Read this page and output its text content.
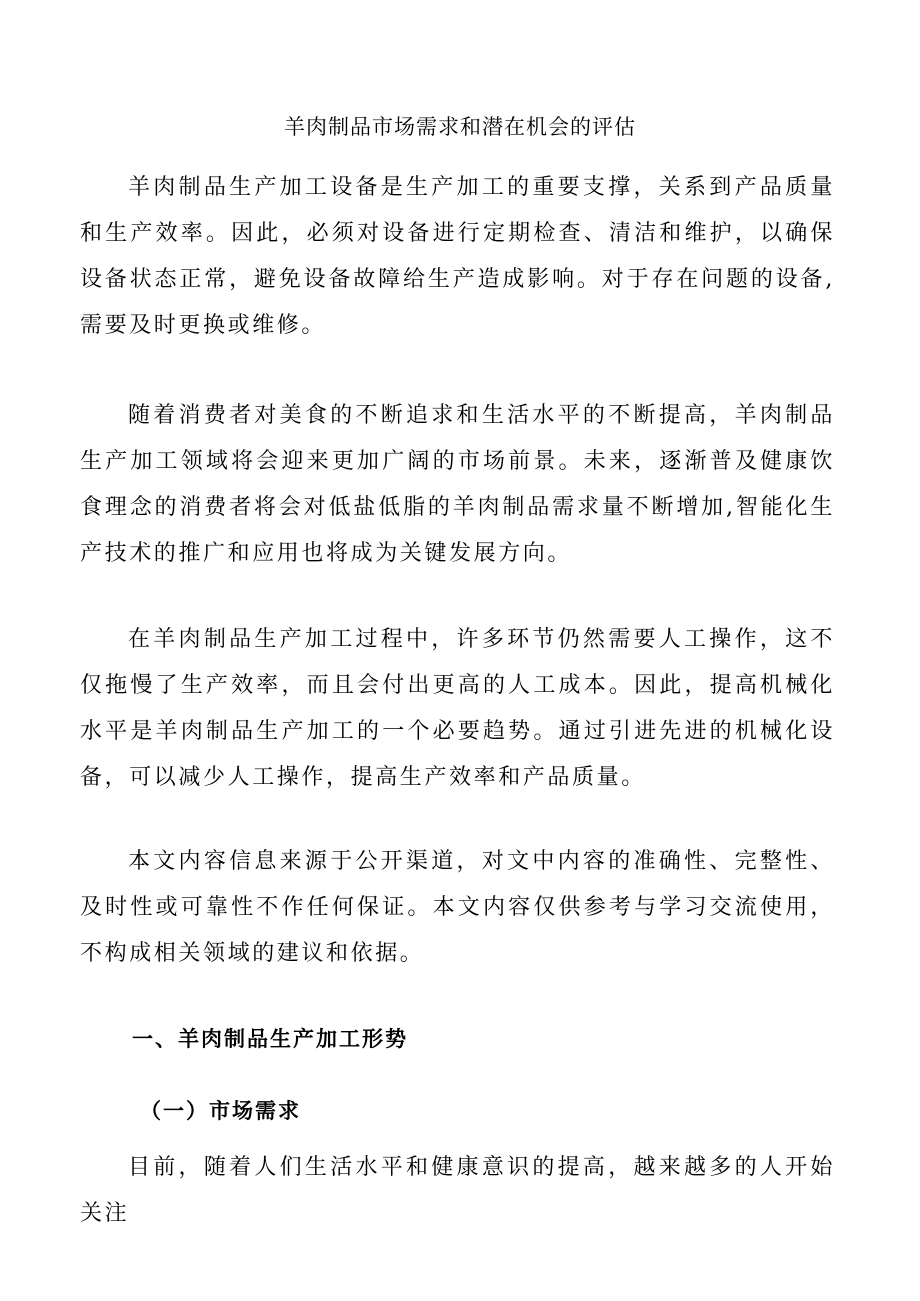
羊肉制品市场需求和潜在机会的评估

羊肉制品生产加工设备是生产加工的重要支撑，关系到产品质量和生产效率。因此，必须对设备进行定期检查、清洁和维护，以确保设备状态正常，避免设备故障给生产造成影响。对于存在问题的设备,需要及时更换或维修。

随着消费者对美食的不断追求和生活水平的不断提高，羊肉制品生产加工领域将会迎来更加广阔的市场前景。未来，逐渐普及健康饮食理念的消费者将会对低盐低脂的羊肉制品需求量不断增加,智能化生产技术的推广和应用也将成为关键发展方向。

在羊肉制品生产加工过程中，许多环节仍然需要人工操作，这不仅拖慢了生产效率，而且会付出更高的人工成本。因此，提高机械化水平是羊肉制品生产加工的一个必要趋势。通过引进先进的机械化设备，可以减少人工操作，提高生产效率和产品质量。

本文内容信息来源于公开渠道，对文中内容的准确性、完整性、及时性或可靠性不作任何保证。本文内容仅供参考与学习交流使用，不构成相关领域的建议和依据。

一、羊肉制品生产加工形势
（一）市场需求

目前，随着人们生活水平和健康意识的提高，越来越多的人开始关注
